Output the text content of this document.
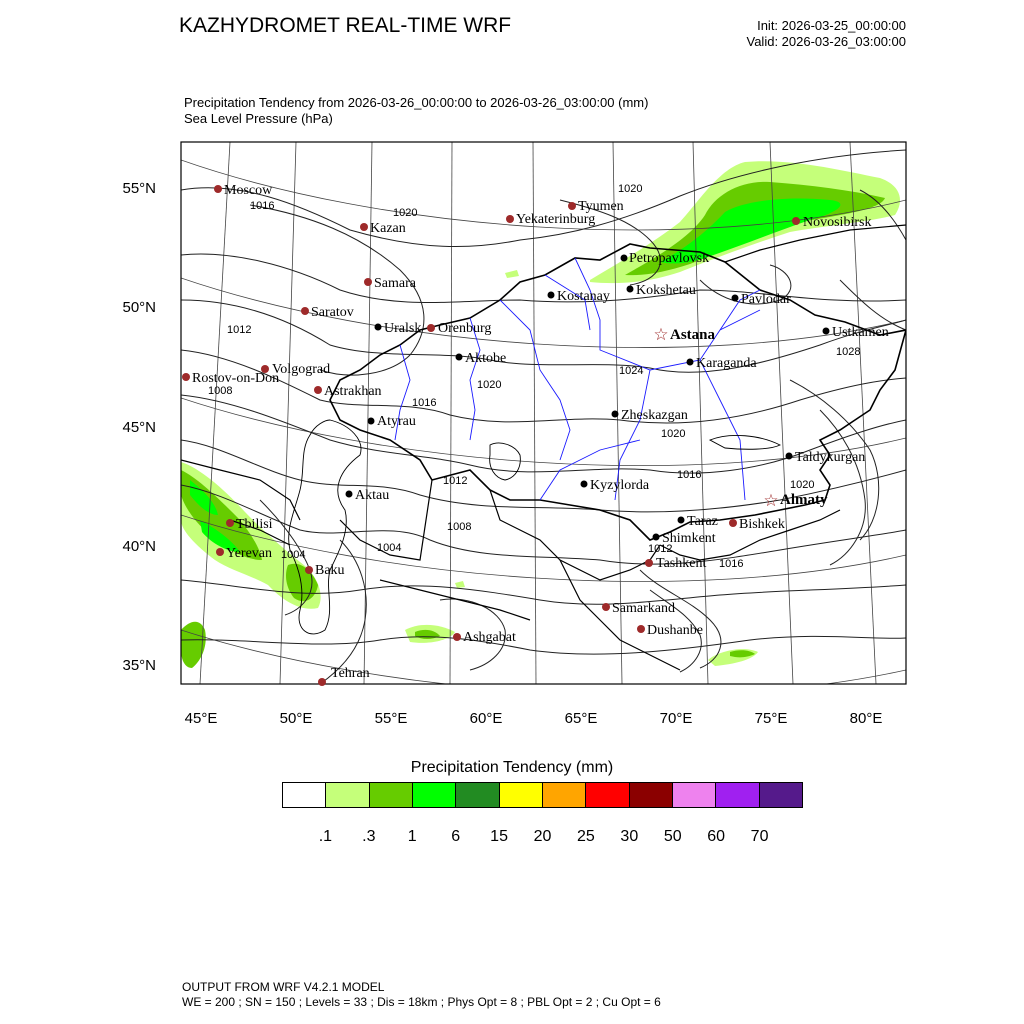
KAZHYDROMET REAL-TIME WRF	Init: 2026-03-25_00:00:00
Valid: 2026-03-26_03:00:00
Precipitation Tendency from 2026-03-26_00:00:00 to 2026-03-26_03:00:00 (mm)
Sea Level Pressure (hPa)
55°N
50°N
45°N
40°N
35°N
45°E	50°E	55°E	60°E	65°E	70°E	75°E	80°E
1016
1020
1020
1012
1008	1020
1016
1024
1028
1020
1012	1016
1004
1008
1004	1012
1016
1020
Moscow
Kazan
Tyumen
Yekaterinburg	Novosibirsk
Samara
Saratov
Orenburg
Volgograd
Rostov-on-Don
Astrakhan
Tbilisi
Yerevan
Baku
Ashgabat
Tehran
Samarkand
Dushanbe
Tashkent
Bishkek
Petropavlovsk
Kostanay Kokshetau
Pavlodar
Uralsk
Aktobe	Karaganda
Ustkamen
Atyrau	Zheskazgan
Taldykurgan
Aktau
Kyzylorda
Taraz
Shimkent
☆ Astana
☆ Almaty
Precipitation Tendency (mm)
.1 .3 1 6 15 20 25 30 50 60 70
OUTPUT FROM WRF V4.2.1 MODEL
WE = 200 ; SN = 150 ; Levels = 33 ; Dis = 18km ; Phys Opt = 8 ; PBL Opt = 2 ; Cu Opt = 6
